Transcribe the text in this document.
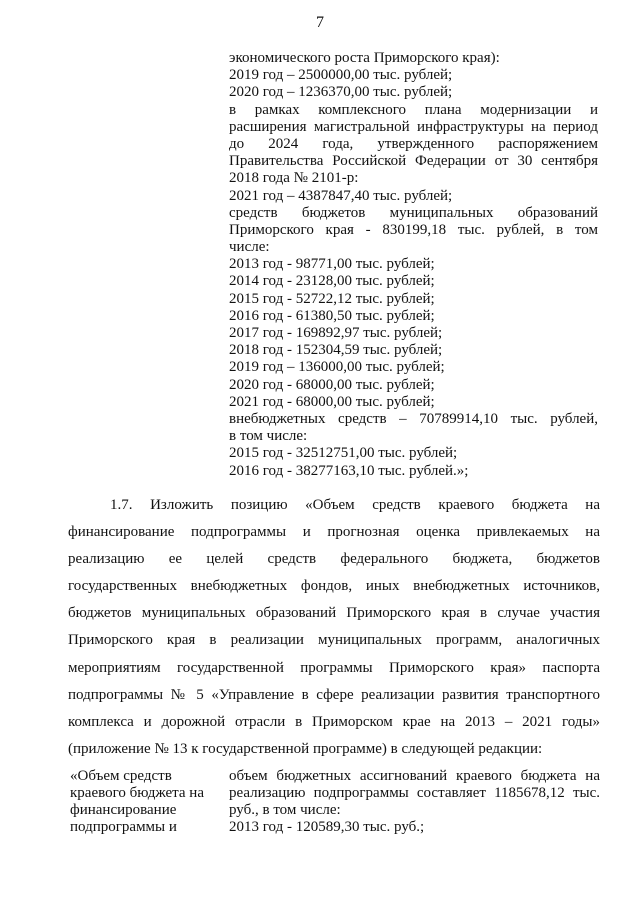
7
экономического роста Приморского края):
2019 год – 2500000,00 тыс. рублей;
2020 год – 1236370,00 тыс. рублей;
в рамках комплексного плана модернизации и
расширения магистральной инфраструктуры на период
до 2024 года, утвержденного распоряжением
Правительства Российской Федерации от 30 сентября
2018 года № 2101-р:
2021 год – 4387847,40 тыс. рублей;
средств бюджетов муниципальных образований
Приморского края - 830199,18 тыс. рублей, в том
числе:
2013 год - 98771,00 тыс. рублей;
2014 год - 23128,00 тыс. рублей;
2015 год - 52722,12 тыс. рублей;
2016 год - 61380,50 тыс. рублей;
2017 год - 169892,97 тыс. рублей;
2018 год - 152304,59 тыс. рублей;
2019 год – 136000,00 тыс. рублей;
2020 год - 68000,00 тыс. рублей;
2021 год - 68000,00 тыс. рублей;
внебюджетных средств – 70789914,10 тыс. рублей,
в том числе:
2015 год - 32512751,00 тыс. рублей;
2016 год - 38277163,10 тыс. рублей.»;
1.7. Изложить позицию «Объем средств краевого бюджета на
финансирование подпрограммы и прогнозная оценка привлекаемых на
реализацию ее целей средств федерального бюджета, бюджетов
государственных внебюджетных фондов, иных внебюджетных источников,
бюджетов муниципальных образований Приморского края в случае участия
Приморского края в реализации муниципальных программ, аналогичных
мероприятиям государственной программы Приморского края» паспорта
подпрограммы № 5 «Управление в сфере реализации развития транспортного
комплекса и дорожной отрасли в Приморском крае на 2013 – 2021 годы»
(приложение № 13 к государственной программе) в следующей редакции:
«Объем средств
краевого бюджета на
финансирование
подпрограммы и
объем бюджетных ассигнований краевого бюджета на
реализацию подпрограммы составляет 1185678,12 тыс.
руб., в том числе:
2013 год - 120589,30 тыс. руб.;
